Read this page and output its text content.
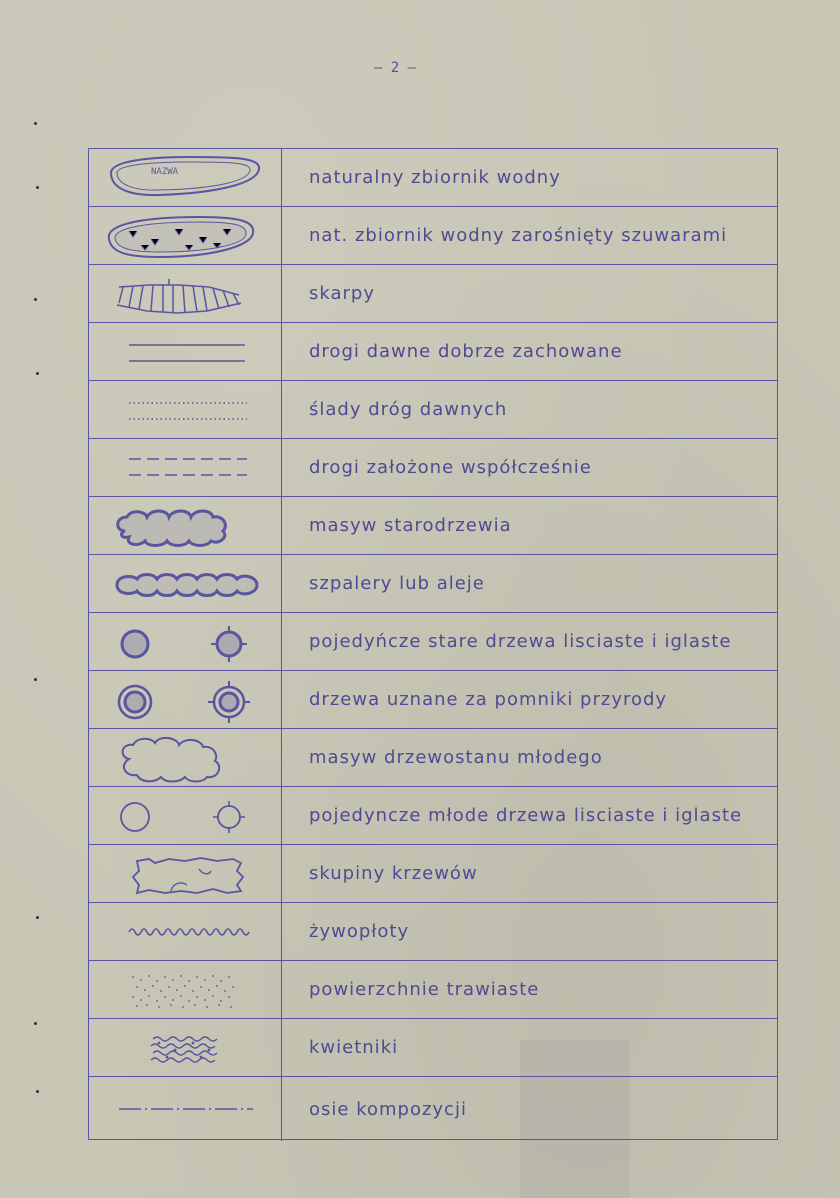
— 2 —
NAZWA	naturalny zbiornik wodny
nat. zbiornik wodny zarośnięty szuwarami
skarpy
drogi dawne dobrze zachowane
ślady dróg dawnych
drogi założone współcześnie
masyw starodrzewia
szpalery lub aleje
pojedyńcze stare drzewa lisciaste i iglaste
drzewa uznane za pomniki przyrody
masyw drzewostanu młodego
pojedyncze młode drzewa lisciaste i iglaste
skupiny krzewów
żywopłoty
powierzchnie trawiaste
kwietniki
osie kompozycji
